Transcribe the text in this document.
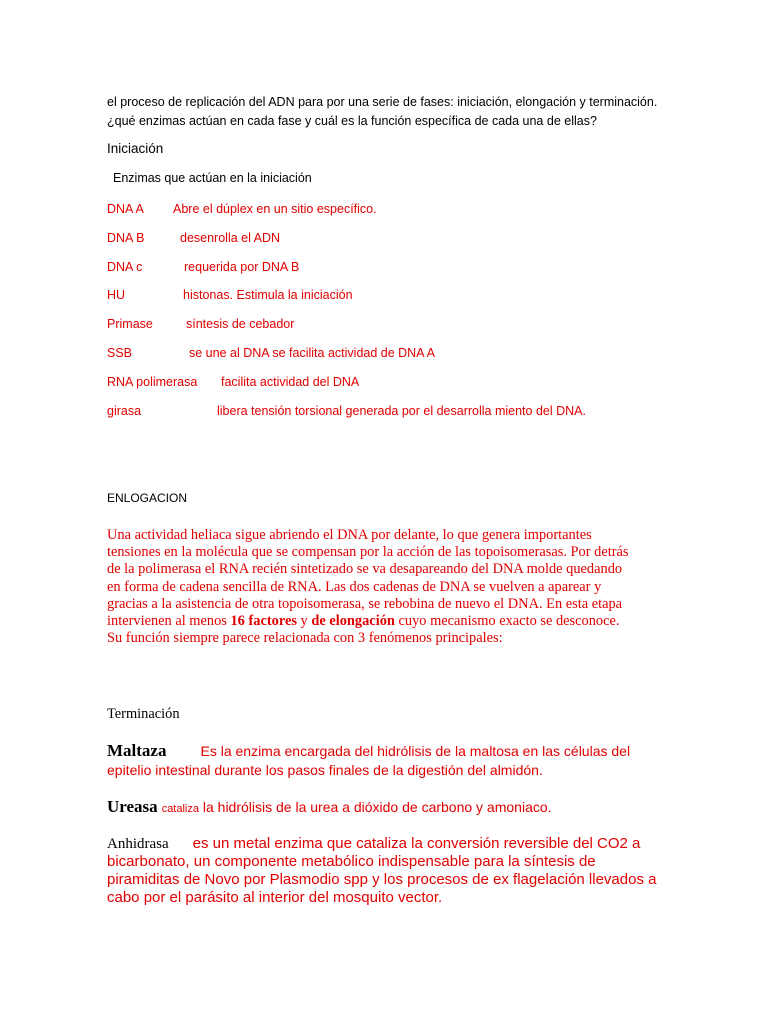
el proceso de replicación del ADN para por una serie de fases: iniciación, elongación y terminación.
¿qué enzimas actúan en cada fase y cuál es la función específica de cada una de ellas?
Iniciación
Enzimas que actúan en la iniciación
DNA A Abre el dúplex en un sitio específico.
DNA B	desenrolla el ADN
DNA c	requerida por DNA B
HU	histonas. Estimula la iniciación
Primase	síntesis de cebador
SSB	se une al DNA se facilita actividad de DNA A
RNA polimerasa facilita actividad del DNA
girasa	libera tensión torsional generada por el desarrolla miento del DNA.
ENLOGACION
Una actividad heliaca sigue abriendo el DNA por delante, lo que genera importantes
tensiones en la molécula que se compensan por la acción de las topoisomerasas. Por detrás
de la polimerasa el RNA recién sintetizado se va desapareando del DNA molde quedando
en forma de cadena sencilla de RNA. Las dos cadenas de DNA se vuelven a aparear y
gracias a la asistencia de otra topoisomerasa, se rebobina de nuevo el DNA. En esta etapa
intervienen al menos 16 factores y de elongación cuyo mecanismo exacto se desconoce.
Su función siempre parece relacionada con 3 fenómenos principales:
Terminación
Maltaza Es la enzima encargada del hidrólisis de la maltosa en las células del
epitelio intestinal durante los pasos finales de la digestión del almidón.
Ureasa cataliza la hidrólisis de la urea a dióxido de carbono y amoniaco.
Anhidrasa es un metal enzima que cataliza la conversión reversible del CO2 a
bicarbonato, un componente metabólico indispensable para la síntesis de
piramiditas de Novo por Plasmodio spp y los procesos de ex flagelación llevados a
cabo por el parásito al interior del mosquito vector.
